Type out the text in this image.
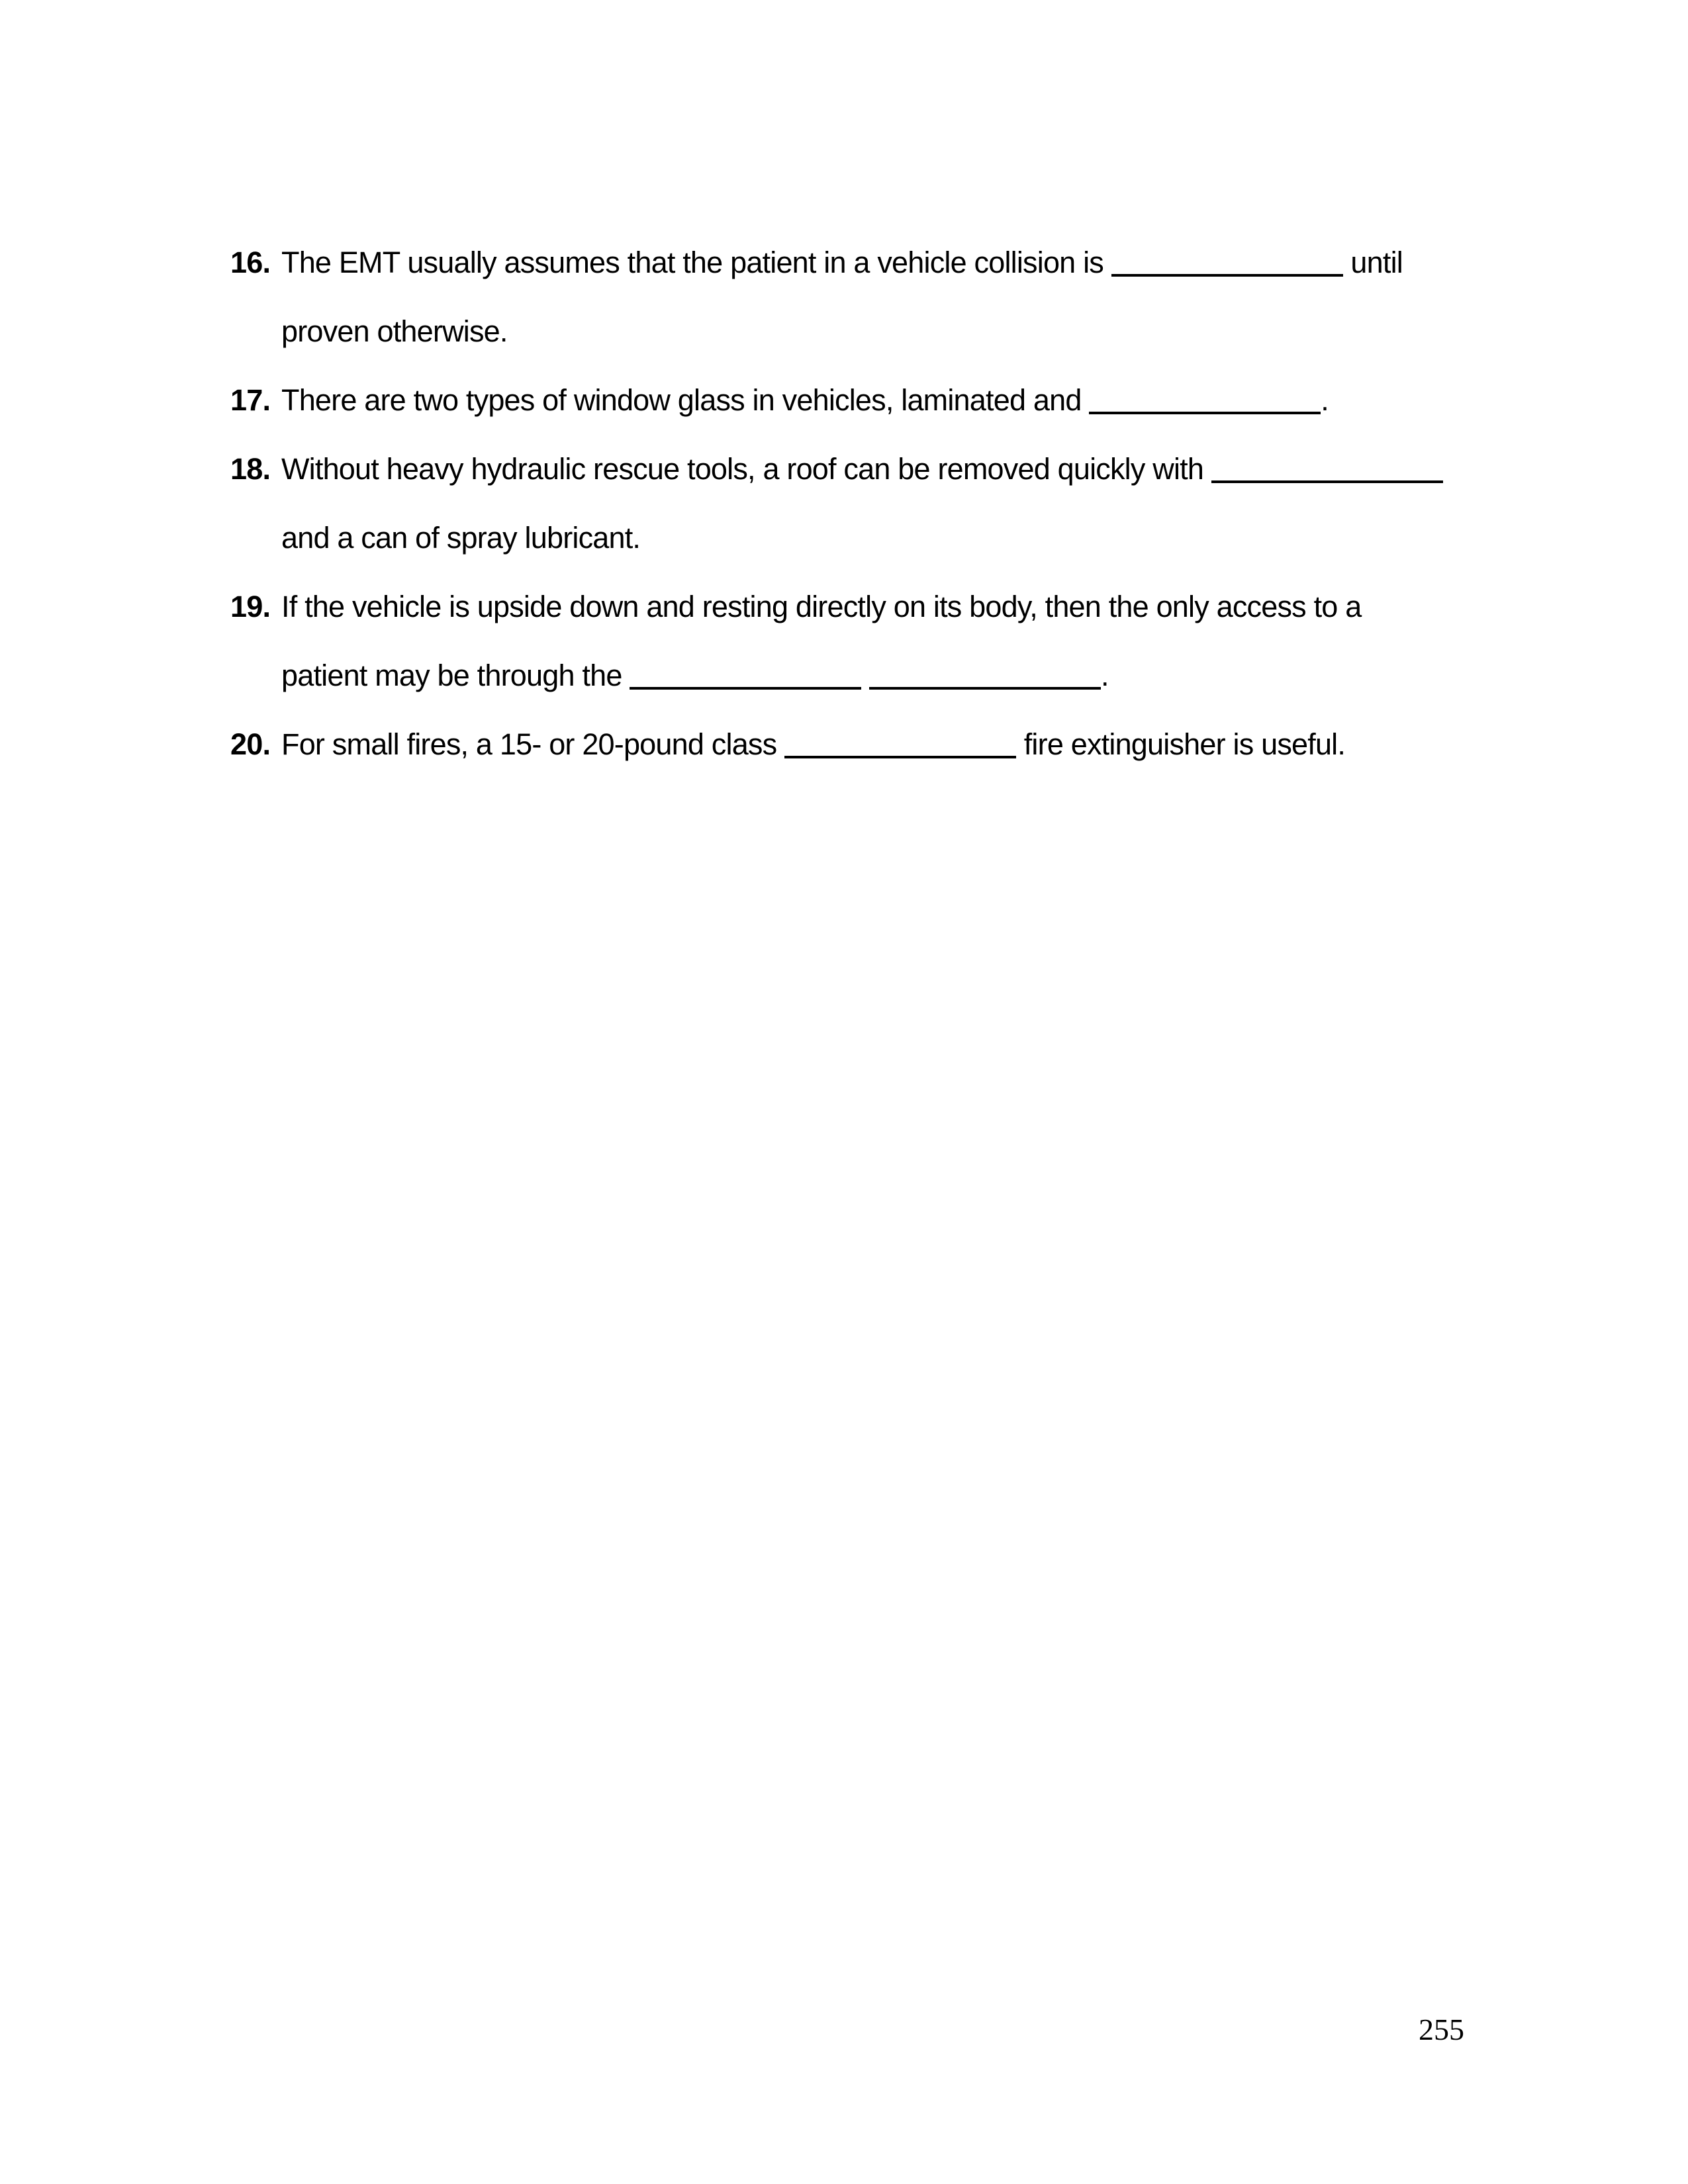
16. The EMT usually assumes that the patient in a vehicle collision is	until
proven otherwise.
17. There are two types of window glass in vehicles, laminated and	.
18. Without heavy hydraulic rescue tools, a roof can be removed quickly with
and a can of spray lubricant.
19. If the vehicle is upside down and resting directly on its body, then the only access to a
patient may be through the	.
20. For small fires, a 15- or 20-pound class	fire extinguisher is useful.
255
